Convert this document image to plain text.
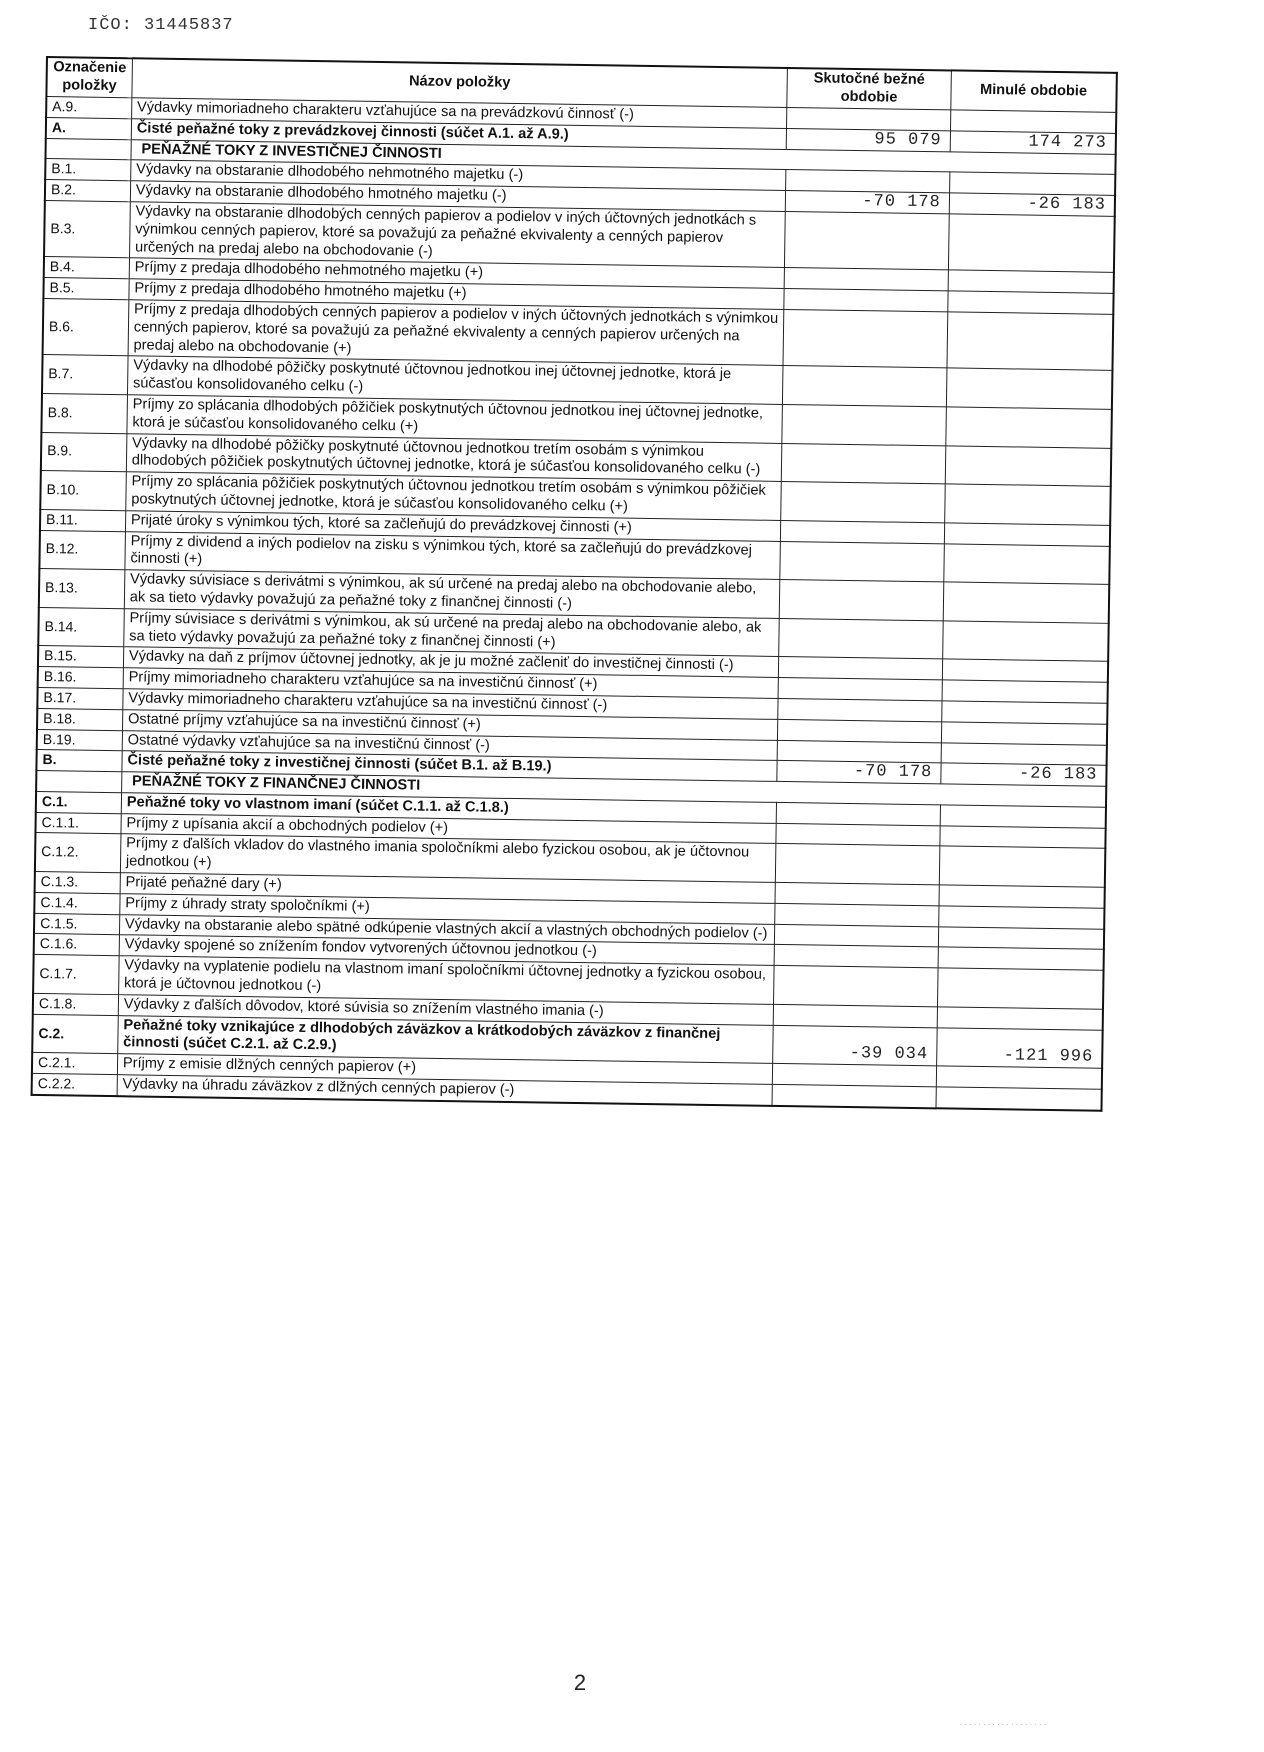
IČO: 31445837
Označenie položky	Názov položky	Skutočné bežné obdobie	Minulé obdobie
A.9.	Výdavky mimoriadneho charakteru vzťahujúce sa na prevádzkovú činnosť (-)		
A.	Čisté peňažné toky z prevádzkovej činnosti (súčet A.1. až A.9.)	95 079	174 273
	PEŇAŽNÉ TOKY Z INVESTIČNEJ ČINNOSTI		
B.1.	Výdavky na obstaranie dlhodobého nehmotného majetku (-)		
B.2.	Výdavky na obstaranie dlhodobého hmotného majetku (-)	-70 178	-26 183
B.3.	Výdavky na obstaranie dlhodobých cenných papierov a podielov v iných účtovných jednotkách s výnimkou cenných papierov, ktoré sa považujú za peňažné ekvivalenty a cenných papierov určených na predaj alebo na obchodovanie (-)		
B.4.	Príjmy z predaja dlhodobého nehmotného majetku (+)		
B.5.	Príjmy z predaja dlhodobého hmotného majetku (+)		
B.6.	Príjmy z predaja dlhodobých cenných papierov a podielov v iných účtovných jednotkách s výnimkou cenných papierov, ktoré sa považujú za peňažné ekvivalenty a cenných papierov určených na predaj alebo na obchodovanie (+)		
B.7.	Výdavky na dlhodobé pôžičky poskytnuté účtovnou jednotkou inej účtovnej jednotke, ktorá je súčasťou konsolidovaného celku (-)		
B.8.	Príjmy zo splácania dlhodobých pôžičiek poskytnutých účtovnou jednotkou inej účtovnej jednotke, ktorá je súčasťou konsolidovaného celku (+)		
B.9.	Výdavky na dlhodobé pôžičky poskytnuté účtovnou jednotkou tretím osobám s výnimkou dlhodobých pôžičiek poskytnutých účtovnej jednotke, ktorá je súčasťou konsolidovaného celku (-)		
B.10.	Príjmy zo splácania pôžičiek poskytnutých účtovnou jednotkou tretím osobám s výnimkou pôžičiek poskytnutých účtovnej jednotke, ktorá je súčasťou konsolidovaného celku (+)		
B.11.	Prijaté úroky s výnimkou tých, ktoré sa začleňujú do prevádzkovej činnosti (+)		
B.12.	Príjmy z dividend a iných podielov na zisku s výnimkou tých, ktoré sa začleňujú do prevádzkovej činnosti (+)		
B.13.	Výdavky súvisiace s derivátmi s výnimkou, ak sú určené na predaj alebo na obchodovanie alebo, ak sa tieto výdavky považujú za peňažné toky z finančnej činnosti (-)		
B.14.	Príjmy súvisiace s derivátmi s výnimkou, ak sú určené na predaj alebo na obchodovanie alebo, ak sa tieto výdavky považujú za peňažné toky z finančnej činnosti (+)		
B.15.	Výdavky na daň z príjmov účtovnej jednotky, ak je ju možné začleniť do investičnej činnosti (-)		
B.16.	Príjmy mimoriadneho charakteru vzťahujúce sa na investičnú činnosť (+)		
B.17.	Výdavky mimoriadneho charakteru vzťahujúce sa na investičnú činnosť (-)		
B.18.	Ostatné príjmy vzťahujúce sa na investičnú činnosť (+)		
B.19.	Ostatné výdavky vzťahujúce sa na investičnú činnosť (-)		
B.	Čisté peňažné toky z investičnej činnosti (súčet B.1. až B.19.)	-70 178	-26 183
	PEŇAŽNÉ TOKY Z FINANČNEJ ČINNOSTI		
C.1.	Peňažné toky vo vlastnom imaní (súčet C.1.1. až C.1.8.)		
C.1.1.	Príjmy z upísania akcií a obchodných podielov (+)		
C.1.2.	Príjmy z ďalších vkladov do vlastného imania spoločníkmi alebo fyzickou osobou, ak je účtovnou jednotkou (+)		
C.1.3.	Prijaté peňažné dary (+)		
C.1.4.	Príjmy z úhrady straty spoločníkmi (+)		
C.1.5.	Výdavky na obstaranie alebo spätné odkúpenie vlastných akcií a vlastných obchodných podielov (-)		
C.1.6.	Výdavky spojené so znížením fondov vytvorených účtovnou jednotkou (-)		
C.1.7.	Výdavky na vyplatenie podielu na vlastnom imaní spoločníkmi účtovnej jednotky a fyzickou osobou, ktorá je účtovnou jednotkou (-)		
C.1.8.	Výdavky z ďalších dôvodov, ktoré súvisia so znížením vlastného imania (-)		
C.2.	Peňažné toky vznikajúce z dlhodobých záväzkov a krátkodobých záväzkov z finančnej činnosti (súčet C.2.1. až C.2.9.)	-39 034	-121 996
C.2.1.	Príjmy z emisie dlžných cenných papierov (+)		
C.2.2.	Výdavky na úhradu záväzkov z dlžných cenných papierov (-)		
2
· · · · · · · · · · · · · · · · · · ·
